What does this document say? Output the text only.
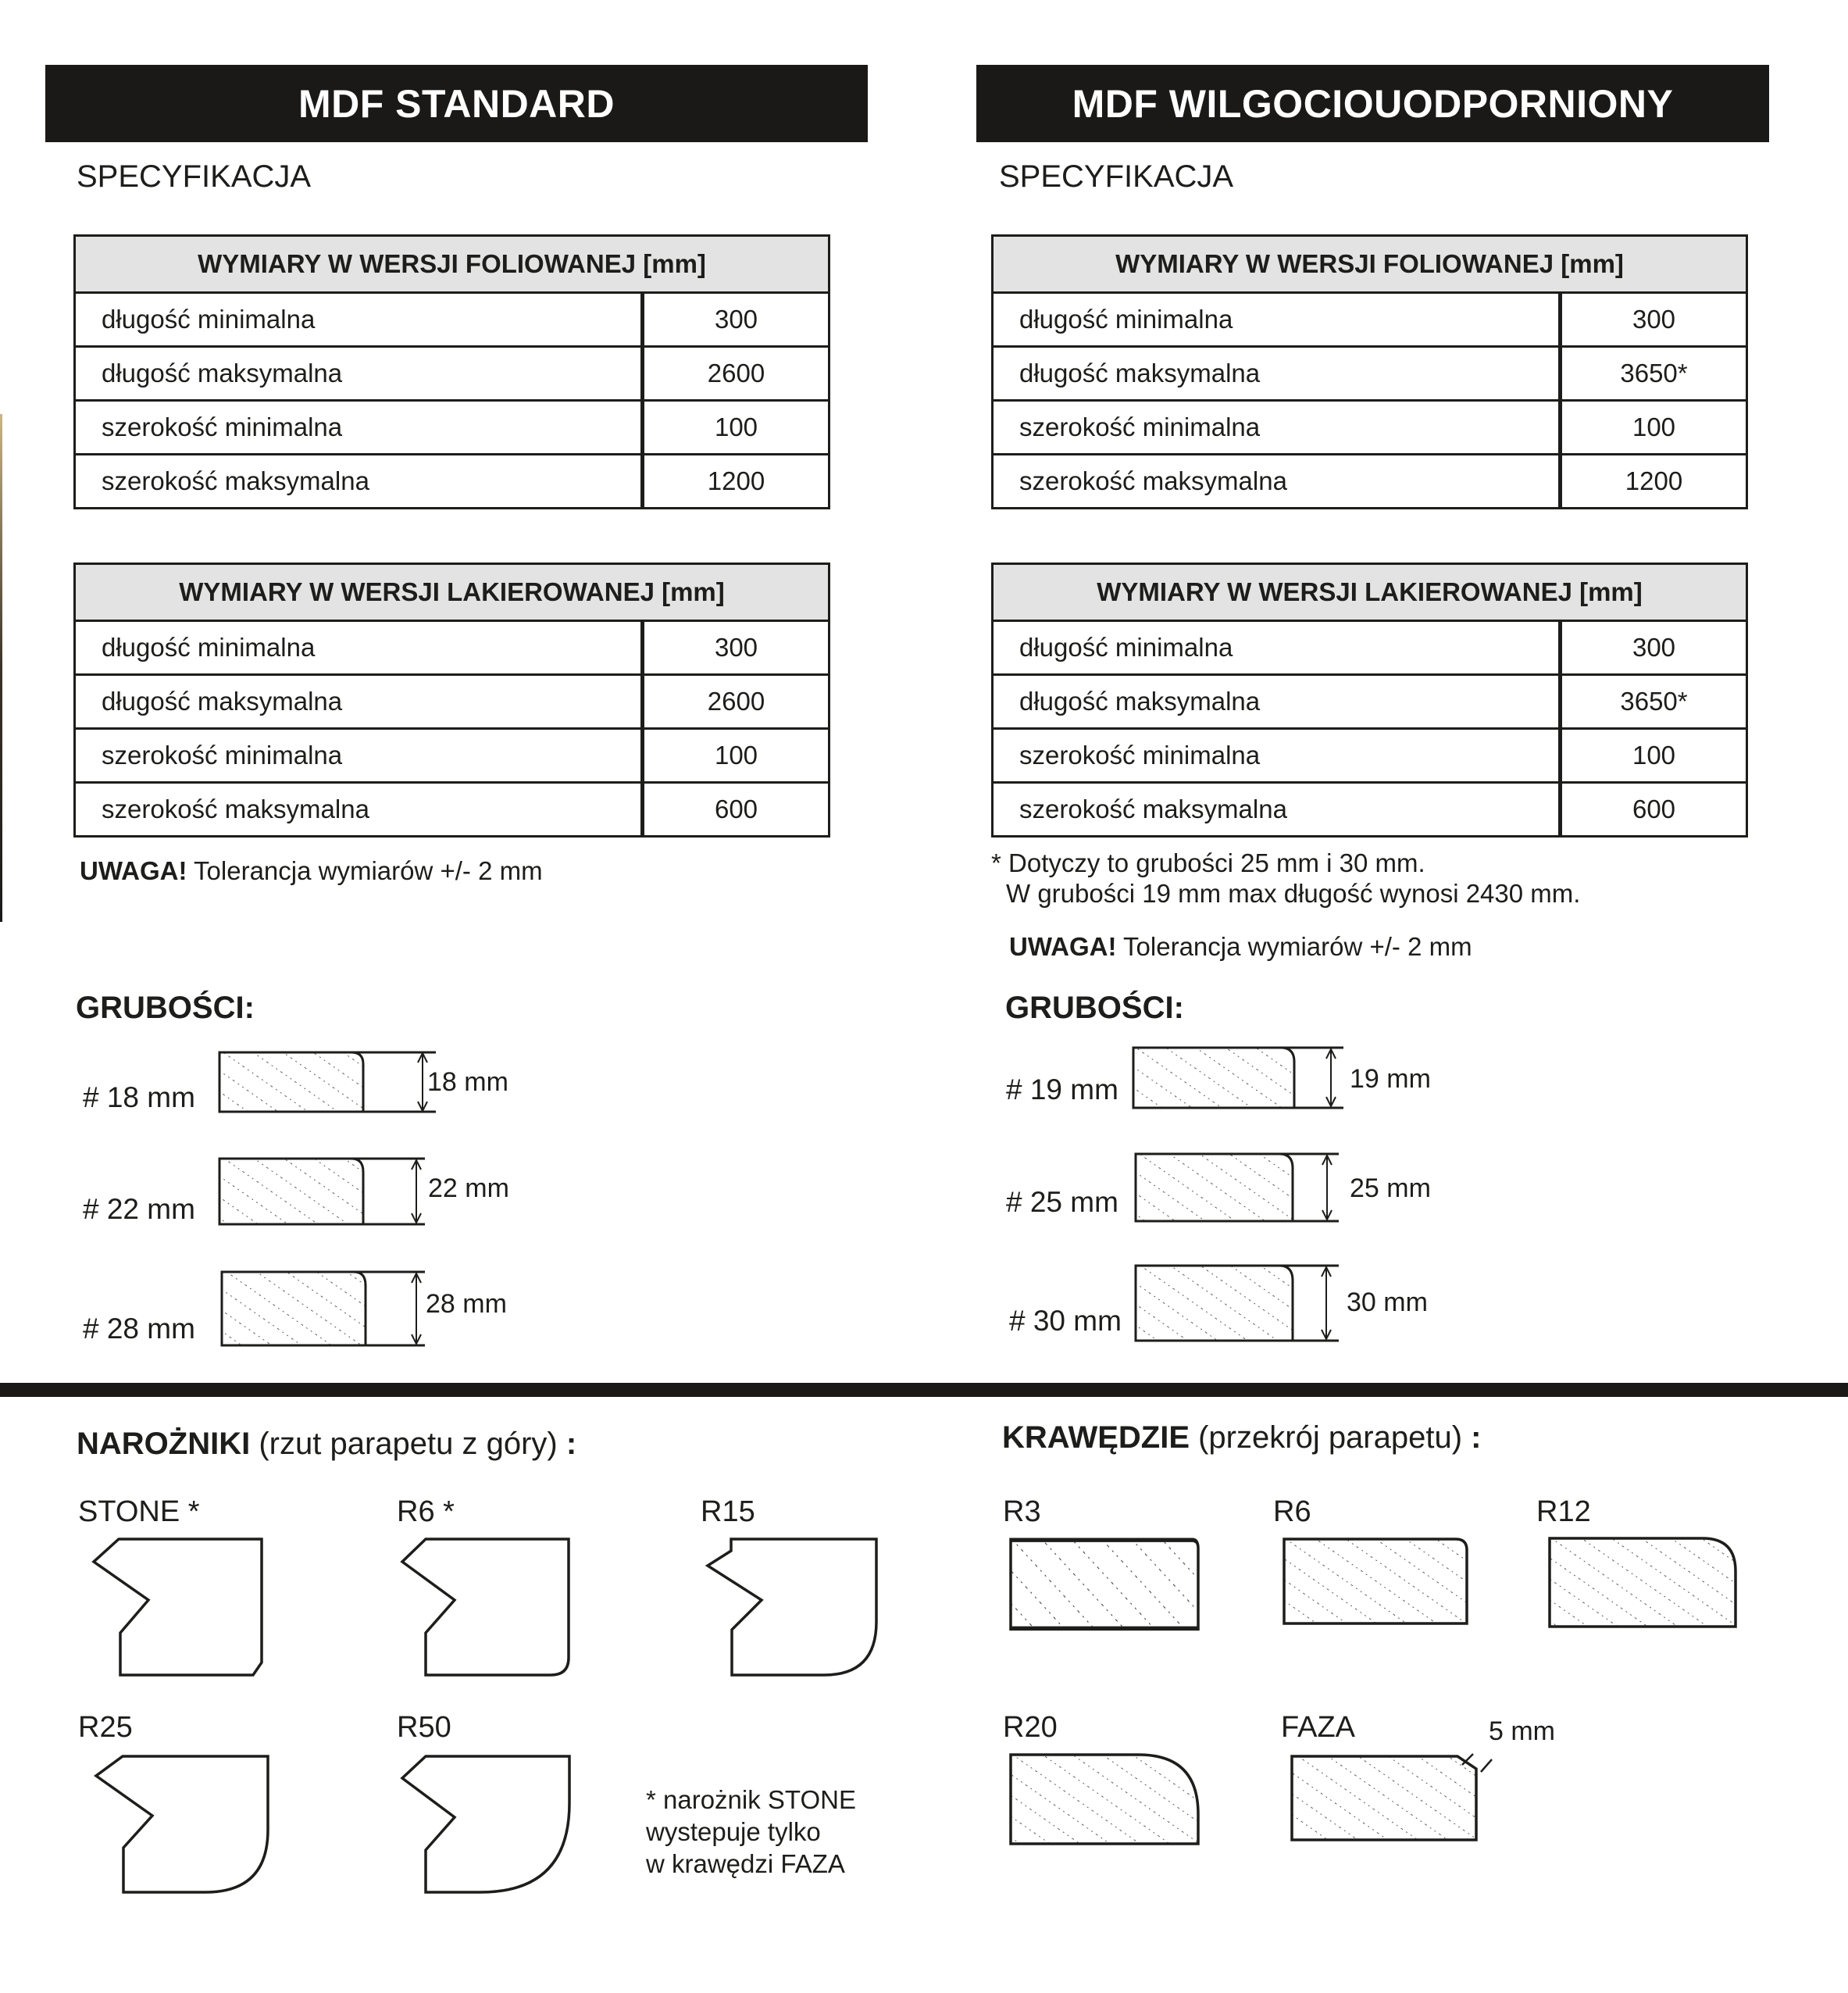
MDF STANDARD
SPECYFIKACJA
WYMIARY W WERSJI FOLIOWANEJ [mm]	
długość minimalna	300
długość maksymalna	2600
szerokość minimalna	100
szerokość maksymalna	1200
WYMIARY W WERSJI LAKIEROWANEJ [mm]	
długość minimalna	300
długość maksymalna	2600
szerokość minimalna	100
szerokość maksymalna	600
UWAGA! Tolerancja wymiarów +/- 2 mm
GRUBOŚCI:
# 18 mm	18 mm
# 22 mm
22 mm
# 28 mm
28 mm
MDF WILGOCIOUODPORNIONY
SPECYFIKACJA
WYMIARY W WERSJI FOLIOWANEJ [mm]	
długość minimalna	300
długość maksymalna	3650*
szerokość minimalna	100
szerokość maksymalna	1200
WYMIARY W WERSJI LAKIEROWANEJ [mm]	
długość minimalna	300
długość maksymalna	3650*
szerokość minimalna	100
szerokość maksymalna	600
* Dotyczy to grubości 25 mm i 30 mm.
W grubości 19 mm max długość wynosi 2430 mm.
UWAGA! Tolerancja wymiarów +/- 2 mm
GRUBOŚCI:
# 19 mm	19 mm
# 25 mm	25 mm
# 30 mm
30 mm
NAROŻNIKI (rzut parapetu z góry) :
STONE *	R6 *	R15
R25	R50
* narożnik STONE
wystepuje tylko
w krawędzi FAZA
KRAWĘDZIE (przekrój parapetu) :
R3	R6	R12
R20	FAZA	5 mm
